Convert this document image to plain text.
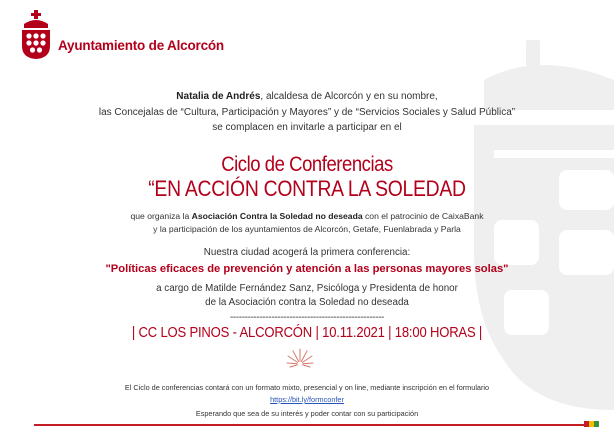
Ayuntamiento de Alcorcón
Natalia de Andrés, alcaldesa de Alcorcón y en su nombre,
las Concejalas de “Cultura, Participación y Mayores” y de “Servicios Sociales y Salud Pública”
se complacen en invitarle a participar en el
Ciclo de Conferencias
“EN ACCIÓN CONTRA LA SOLEDAD
que organiza la Asociación Contra la Soledad no deseada con el patrocinio de CaixaBank
y la participación de los ayuntamientos de Alcorcón, Getafe, Fuenlabrada y Parla
Nuestra ciudad acogerá la primera conferencia:
"Políticas eficaces de prevención y atención a las personas mayores solas"
a cargo de Matilde Fernández Sanz, Psicóloga y Presidenta de honor
de la Asociación contra la Soledad no deseada
----------------------------------------------------
| CC LOS PINOS - ALCORCÓN | 10.11.2021 | 18:00 HORAS |
El Ciclo de conferencias contará con un formato mixto, presencial y on line, mediante inscripción en el formulario
https://bit.ly/formconfer
Esperando que sea de su interés y poder contar con su participación
